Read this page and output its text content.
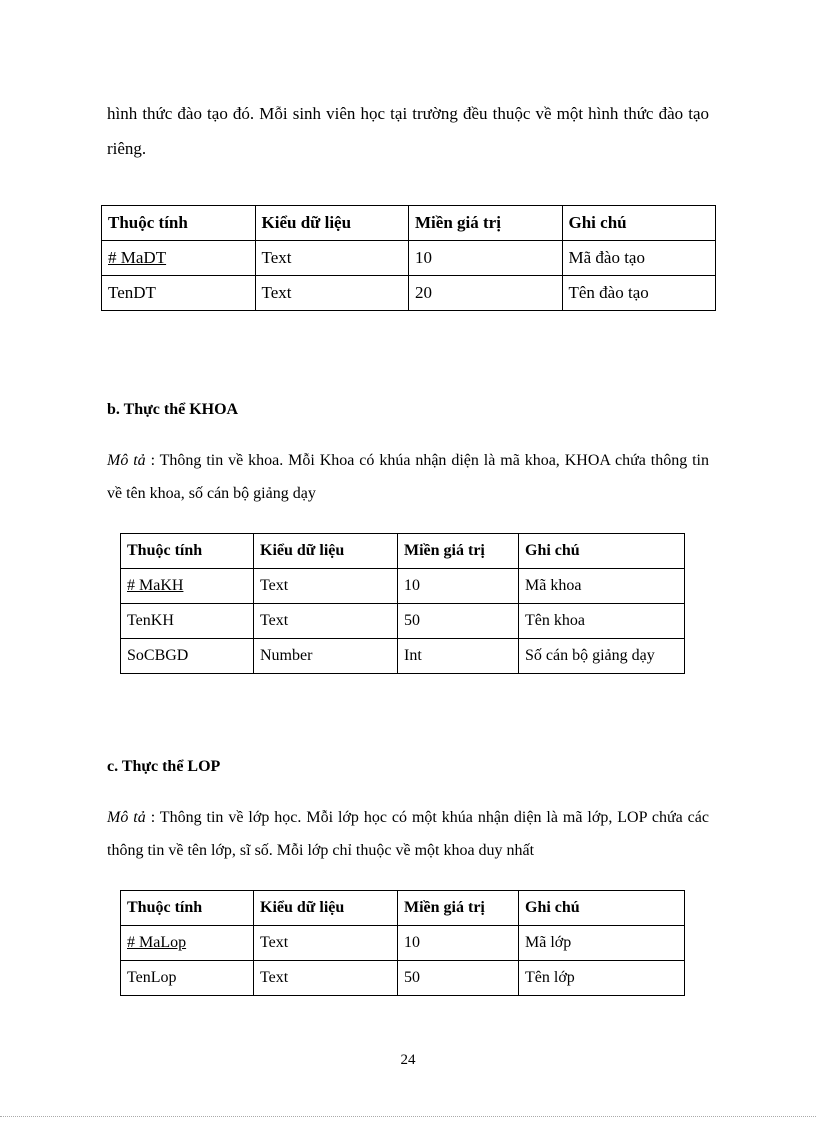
hình thức đào tạo đó. Mỗi sinh viên học tại trường đều thuộc về một hình thức đào tạo riêng.

Thuộc tính	Kiểu dữ liệu	Miền giá trị	Ghi chú
# MaDT	Text	10	Mã đào tạo
TenDT	Text	20	Tên đào tạo
b. Thực thể KHOA

Mô tả : Thông tin về khoa. Mỗi Khoa có khúa nhận diện là mã khoa, KHOA chứa thông tin về tên khoa, số cán bộ giảng dạy

Thuộc tính	Kiểu dữ liệu	Miền giá trị	Ghi chú
# MaKH	Text	10	Mã khoa
TenKH	Text	50	Tên khoa
SoCBGD	Number	Int	Số cán bộ giảng dạy
c. Thực thể LOP

Mô tả : Thông tin về lớp học. Mỗi lớp học có một khúa nhận diện là mã lớp, LOP chứa các thông tin về tên lớp, sĩ số. Mỗi lớp chỉ thuộc về một khoa duy nhất

Thuộc tính	Kiểu dữ liệu	Miền giá trị	Ghi chú
# MaLop	Text	10	Mã lớp
TenLop	Text	50	Tên lớp
24
